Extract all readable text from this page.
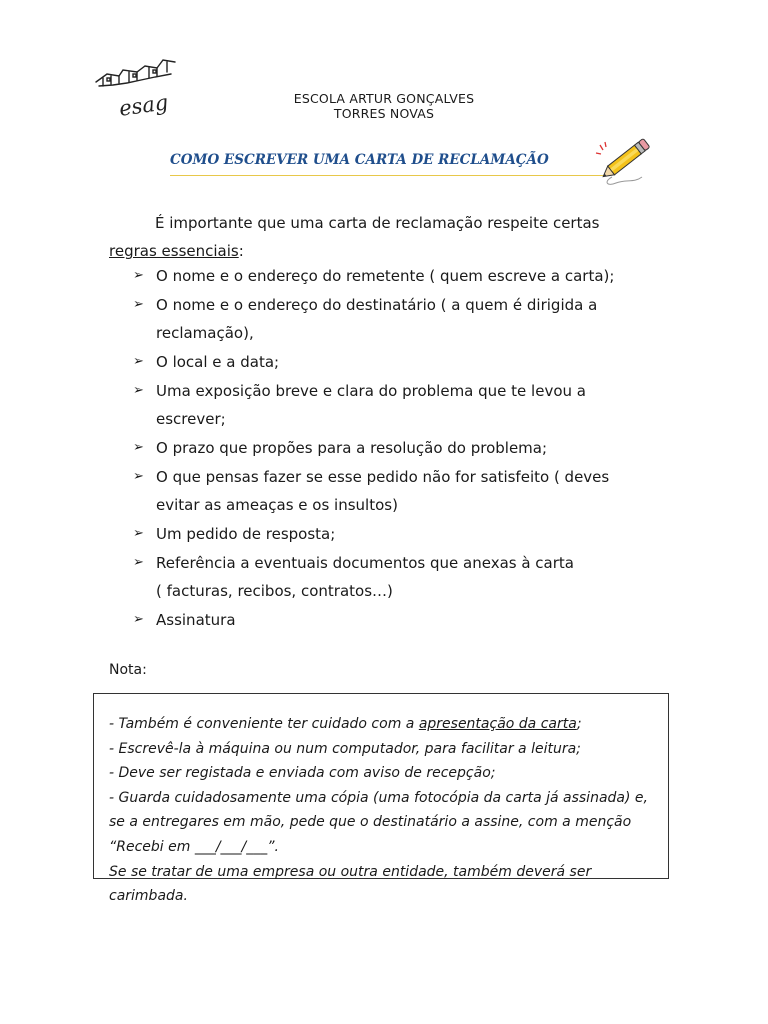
esag	ESCOLA ARTUR GONÇALVES
TORRES NOVAS
COMO ESCREVER UMA CARTA DE RECLAMAÇÃO
É importante que uma carta de reclamação respeite certas
regras essenciais:
➢ O nome e o endereço do remetente ( quem escreve a carta);
➢ O nome e o endereço do destinatário ( a quem é dirigida a
reclamação),
➢ O local e a data;
➢ Uma exposição breve e clara do problema que te levou a
escrever;
➢ O prazo que propões para a resolução do problema;
➢ O que pensas fazer se esse pedido não for satisfeito ( deves
evitar as ameaças e os insultos)
➢ Um pedido de resposta;
➢ Referência a eventuais documentos que anexas à carta
( facturas, recibos, contratos…)
➢ Assinatura
Nota:
- Também é conveniente ter cuidado com a apresentação da carta;
- Escrevê-la à máquina ou num computador, para facilitar a leitura;
- Deve ser registada e enviada com aviso de recepção;
- Guarda cuidadosamente uma cópia (uma fotocópia da carta já assinada) e,
se a entregares em mão, pede que o destinatário a assine, com a menção
“Recebi em ___/___/___”.
Se se tratar de uma empresa ou outra entidade, também deverá ser
carimbada.
